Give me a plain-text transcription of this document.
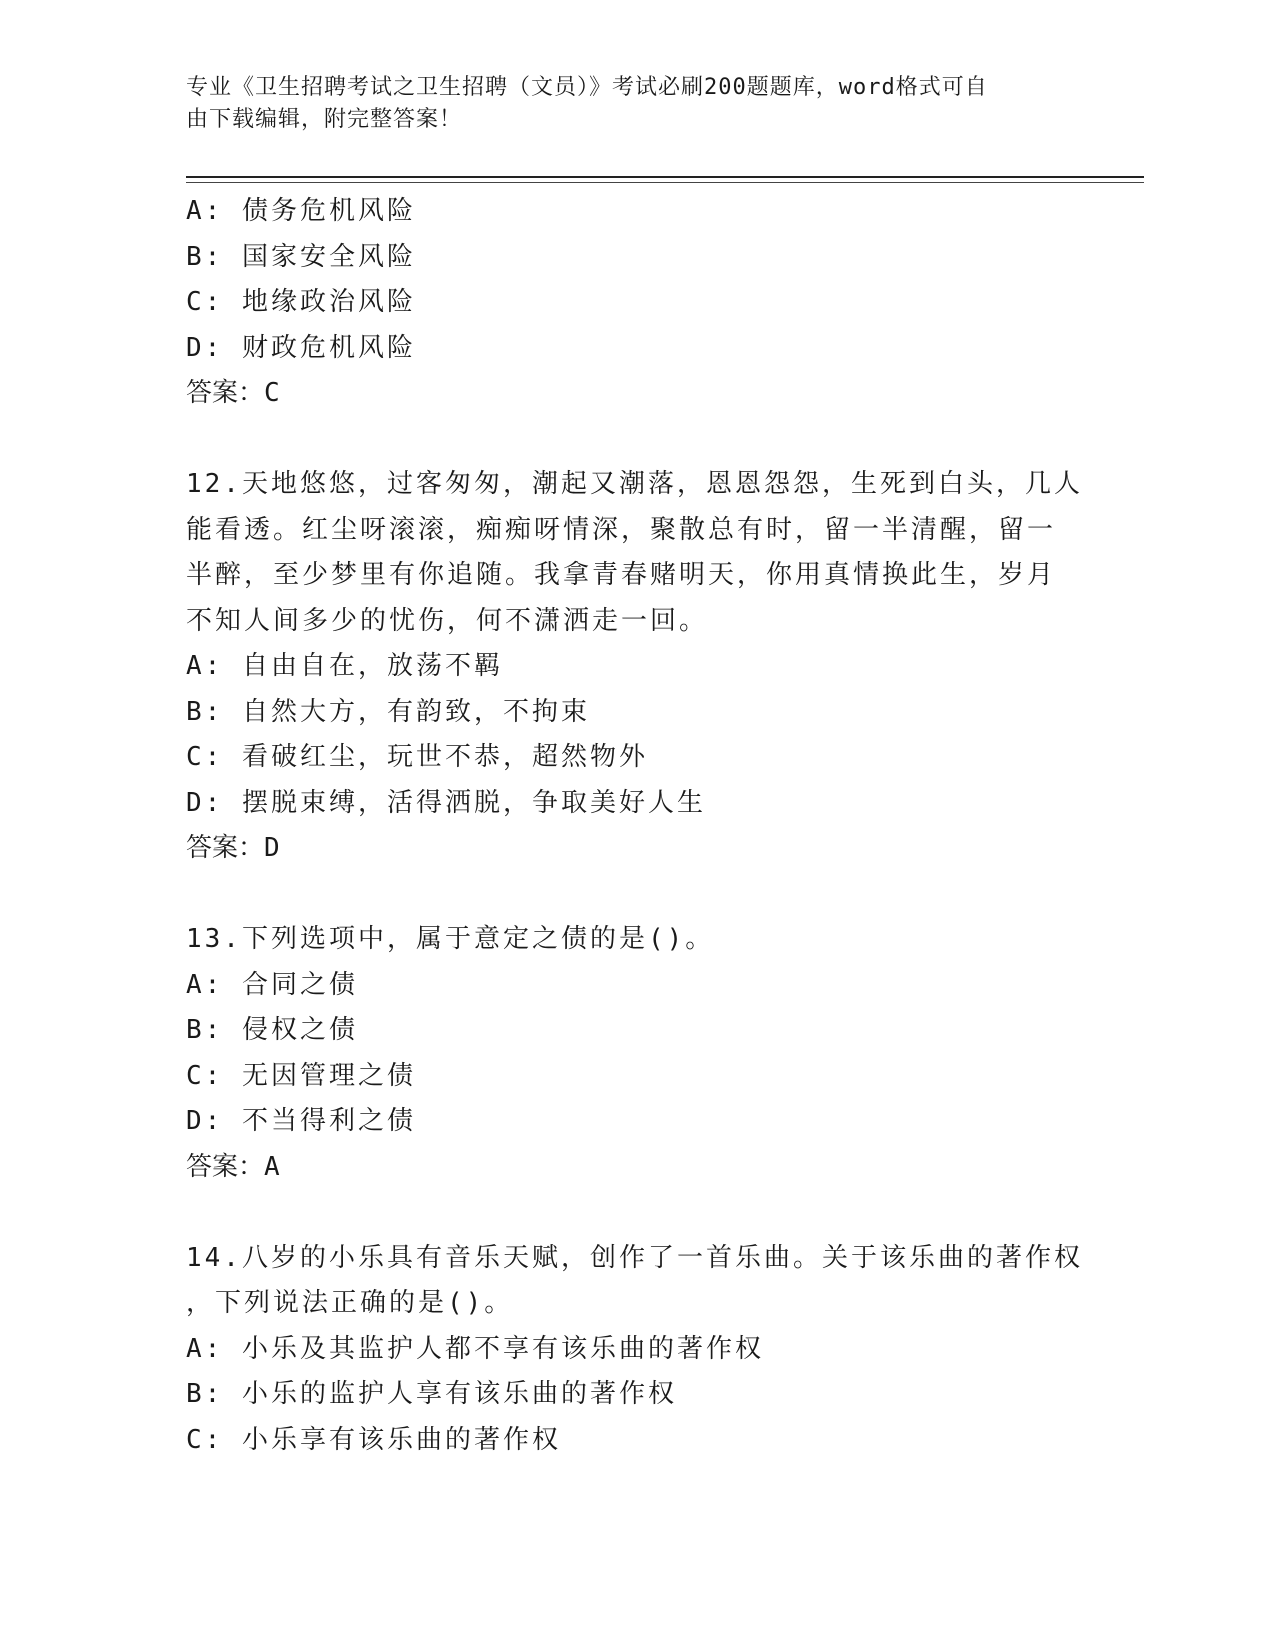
专业《卫生招聘考试之卫生招聘（文员）》考试必刷200题题库，word格式可自
由下载编辑，附完整答案！

A: 债务危机风险

B: 国家安全风险

C: 地缘政治风险

D: 财政危机风险

答案：C

12.天地悠悠，过客匆匆，潮起又潮落，恩恩怨怨，生死到白头，几人

能看透。红尘呀滚滚，痴痴呀情深，聚散总有时，留一半清醒，留一

半醉，至少梦里有你追随。我拿青春赌明天，你用真情换此生，岁月

不知人间多少的忧伤，何不潇洒走一回。

A: 自由自在，放荡不羁

B: 自然大方，有韵致，不拘束

C: 看破红尘，玩世不恭，超然物外

D: 摆脱束缚，活得洒脱，争取美好人生

答案：D

13.下列选项中，属于意定之债的是()。

A: 合同之债

B: 侵权之债

C: 无因管理之债

D: 不当得利之债

答案：A

14.八岁的小乐具有音乐天赋，创作了一首乐曲。关于该乐曲的著作权

，下列说法正确的是()。

A: 小乐及其监护人都不享有该乐曲的著作权

B: 小乐的监护人享有该乐曲的著作权

C: 小乐享有该乐曲的著作权
